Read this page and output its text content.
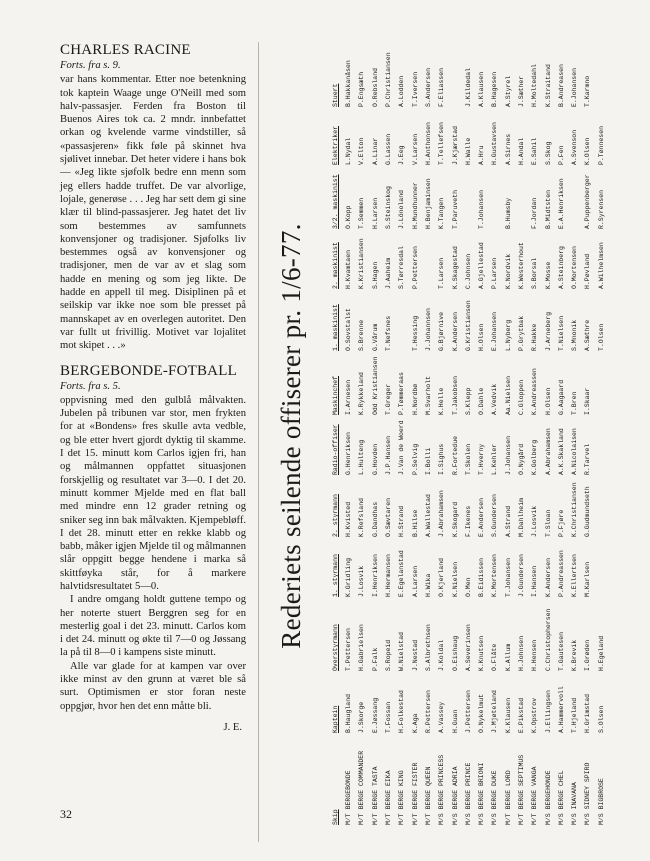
CHARLES RACINE
Forts. fra s. 9.

var hans kommentar. Etter noe betenkning tok kaptein Waage unge O'Neill med som halv-passasjer. Ferden fra Boston til Buenos Aires tok ca. 2 mndr. innbefattet orkan og kvelende varme vindstiller, så «passasjeren» fikk føle på skinnet hva sjølivet innebar. Det heter videre i hans bok — «Jeg likte sjøfolk bedre enn menn som jeg ellers hadde truffet. De var alvorlige, lojale, generøse . . . Jeg har sett dem gi sine klær til blind-passasjerer. Jeg hatet det liv som bestemmes av samfunnets konvensjoner og tradisjoner. Sjøfolks liv bestemmes også av konvensjoner og tradisjoner, men de var av et slag som hadde en mening og som jeg likte. De hadde en appell til meg. Disiplinen på et seilskip var ikke noe som ble presset på mannskapet av en overlegen autoritet. Den var fullt ut frivillig. Motivet var lojalitet mot skipet . . .»

BERGEBONDE-FOTBALL
Forts. fra s. 5.

oppvisning med den gulblå målvakten. Jubelen på tribunen var stor, men frykten for at «Bondens» fres skulle avta vedble, og ble etter hvert gjordt dyktig til skamme. I det 15. minutt kom Carlos igjen fri, han og målmannen oppfattet situasjonen forskjellig og resultatet var 3—0. I det 20. minutt kommer Mjelde med en flat ball med mindre enn 12 grader retning og sniker seg inn bak målvakten. Kjempebløff. I det 28. minutt etter en rekke klabb og babb, måker igjen Mjelde til og målmannen slår oppgitt begge hendene i marka så skittføyka står, for å markere halvtidsresultatet 5—0.

I andre omgang holdt guttene tempo og her noterte stuert Berggren seg for en mesterlig goal i det 23. minutt. Carlos kom i det 24. minutt og økte til 7—0 og Jøssang la på til 8—0 i kampens siste minutt.

Alle var glade for at kampen var over ikke minst av den grunn at været ble så surt. Optimismen er stor foran neste oppgjør, hvor hen det enn måtte bli.

J. E.
32
Rederiets seilende offiserer pr. 1/6-77.
Skip	Kaptein	Overstyrmann	1. styrmann	2. styrmann	Radio-offiser	Maskinchef	1. maskinist	2. maskinist	3/2. maskinist	Elektriker	Stuert
M/T BERGEBONDE	B.Haugland	T.Pettersen	K.Gridling	H.Kvisted	G.Henriksen	I.Arnesen	O.Sovstalst	H.Kvamtaen	O.Kopp	L.Nydal	B.Hakkanåsen
M/T BERGE COMMANDER	J.Skorge	H.Gabrielsen	J.Losvik	K.Refsland	L.Hulteng	K.Rykkeland	S.Brenne	K.Kristiansen	T.Semmen	V.Elton	P.Engsæth
M/T BERGE TASTA	E.Jøssang	P.Falk	I.Henriksen	G.Dandhas	G.Hovden	Odd Kristiansen	G.Vårum	S.Hagen	H.Larsen	A.Linar	O.Rebsland
M/T BERGE EIKA	T.Fossan	S.Ropeid	H.Hermansen	O.Sævtaren	J.P.Hansen	T.Greger	T.Nefsnes	J.Aaheim	S.Steinskog	G.Lassen	P.Christiansen
M/T BERGE KING	H.Folkestad	W.Nielstad	E.Egelanstad	H.Strand	J.Van de Woerd	P.Tømmeraas		S.Tørresdal	J.Lönoland	J.Eeg	A.Lodden
M/T BERGE FISTER	K.Aga	J.Nestad	A.Larsen	B.Hilse	P.Selvig	H.Nordbø	T.Hessing	P.Pettersen	H.Mundhunner	V.Larsen	T.Iversen
M/T BERGE QUEEN	R.Pettersen	S.Albrethsen	H.Wika	A.Wallestad	I.Bolli	M.Svarholt	J.Johannsen		H.Benjaminsen	H.Anthonsen	S.Andersen
M/S BERGE PRINCESS	A.Vassey	J.Koldal	O.Kjerland	J.Abrahamsen	I.Sighus	K.Helle	G.Bjørnive	T.Larsen	K.Tangen	T.Tellefsen	F.Eliassen
M/S BERGE ADRIA	H.Guan	O.Eishaug	K.Nielsen	K.Skogard	R.Fortedue	T.Jakobsen	K.Andersen	K.Skagestad	T.Paruveth	J.Kjærstad	
M/S BERGE PRINCE	J.Pettersen	A.Severinsen	O.Men	F.Ikenes	T.Skolen	S.Klepp	G.Kristiansen	C.Johnsen		H.Walle	J.Kildedal
M/S BERGE BRIONI	O.Nykelmut	K.Knutsen	B.Eidissen	E.Andersen	T.Hverny	O.Dahle	H.Olsen	A.Gjellestad	T.Johansen	A.Hru	A.Klausen
M/S BERGE DUKE	J.Mjøteland	O.Flåte	K.Mortensen	S.Gundersen	L.Kehler	A.Vedvik	E.Johansen	P.Larsen		H.Gustavsen	B.Hagesen
M/T BERGE LORD	K.Klausen	K.Allum	T.Johansen	A.Strand	J.Johansen	Aa.Nielsen	L.Nyberg	K.Nordvik	B.Humsby	A.Sirnes	A.Styrel
M/T BERGE SEPTIMUS	E.Pikstad	H.Johnsen	J.Gundersen	M.Dahlheim	O.Nygård	C.Gloppen	P.Grytbak	K.Westerhout		H.Andal	J.Sæther
M/T BERGE VANGA	K.Opstrov	H.Hensen	I.Hansen	J.Losvik	K.Golberg	K.Andreassen	R.Hakke	S.Borsal	F.Jordan	E.Sahil	H.Moltedahl
M/S BERGEHONDE	J.Ellingsen	C.Christophersen	K.Andersen	T.Sloan	A.Abrahamsen	H.Olsen	J.Arneberg	K.Mosse	B.Midtsten	S.Skog	K.Straitand
M/S BERGE CHEL	A.Hammervoll	T.Gautesen	P.Andreassen	P.Fjøre	A.K.Skakland	G.Aagaard	T.Nielsen	A.Steinberg	E.A.Henriksen	P.Fen	B.Andreasen
M/S INAVANA	T.Hjeland	K.Brevik	K.Ellertsen	K.Christiansen	A.Nicolaisen	T.Bren	S.Mnonik	O.Mortensen		A.Svenson	E.Johansen
M/S SIDNEY SPIRO	H.Grimstad	I.Grøden	M.Karlsen	G.Gudmundseth	R.Tarvel	I.Skaar	A.Sæthre	H.Pøvland	A.Puppenberger	K.Olsen	T.Karmno
M/S BIGBROSE	S.Olsen	H.Egeland					T.Olsen	A.Wilhelmsen	R.Syrensen	P.Tønnesen	
